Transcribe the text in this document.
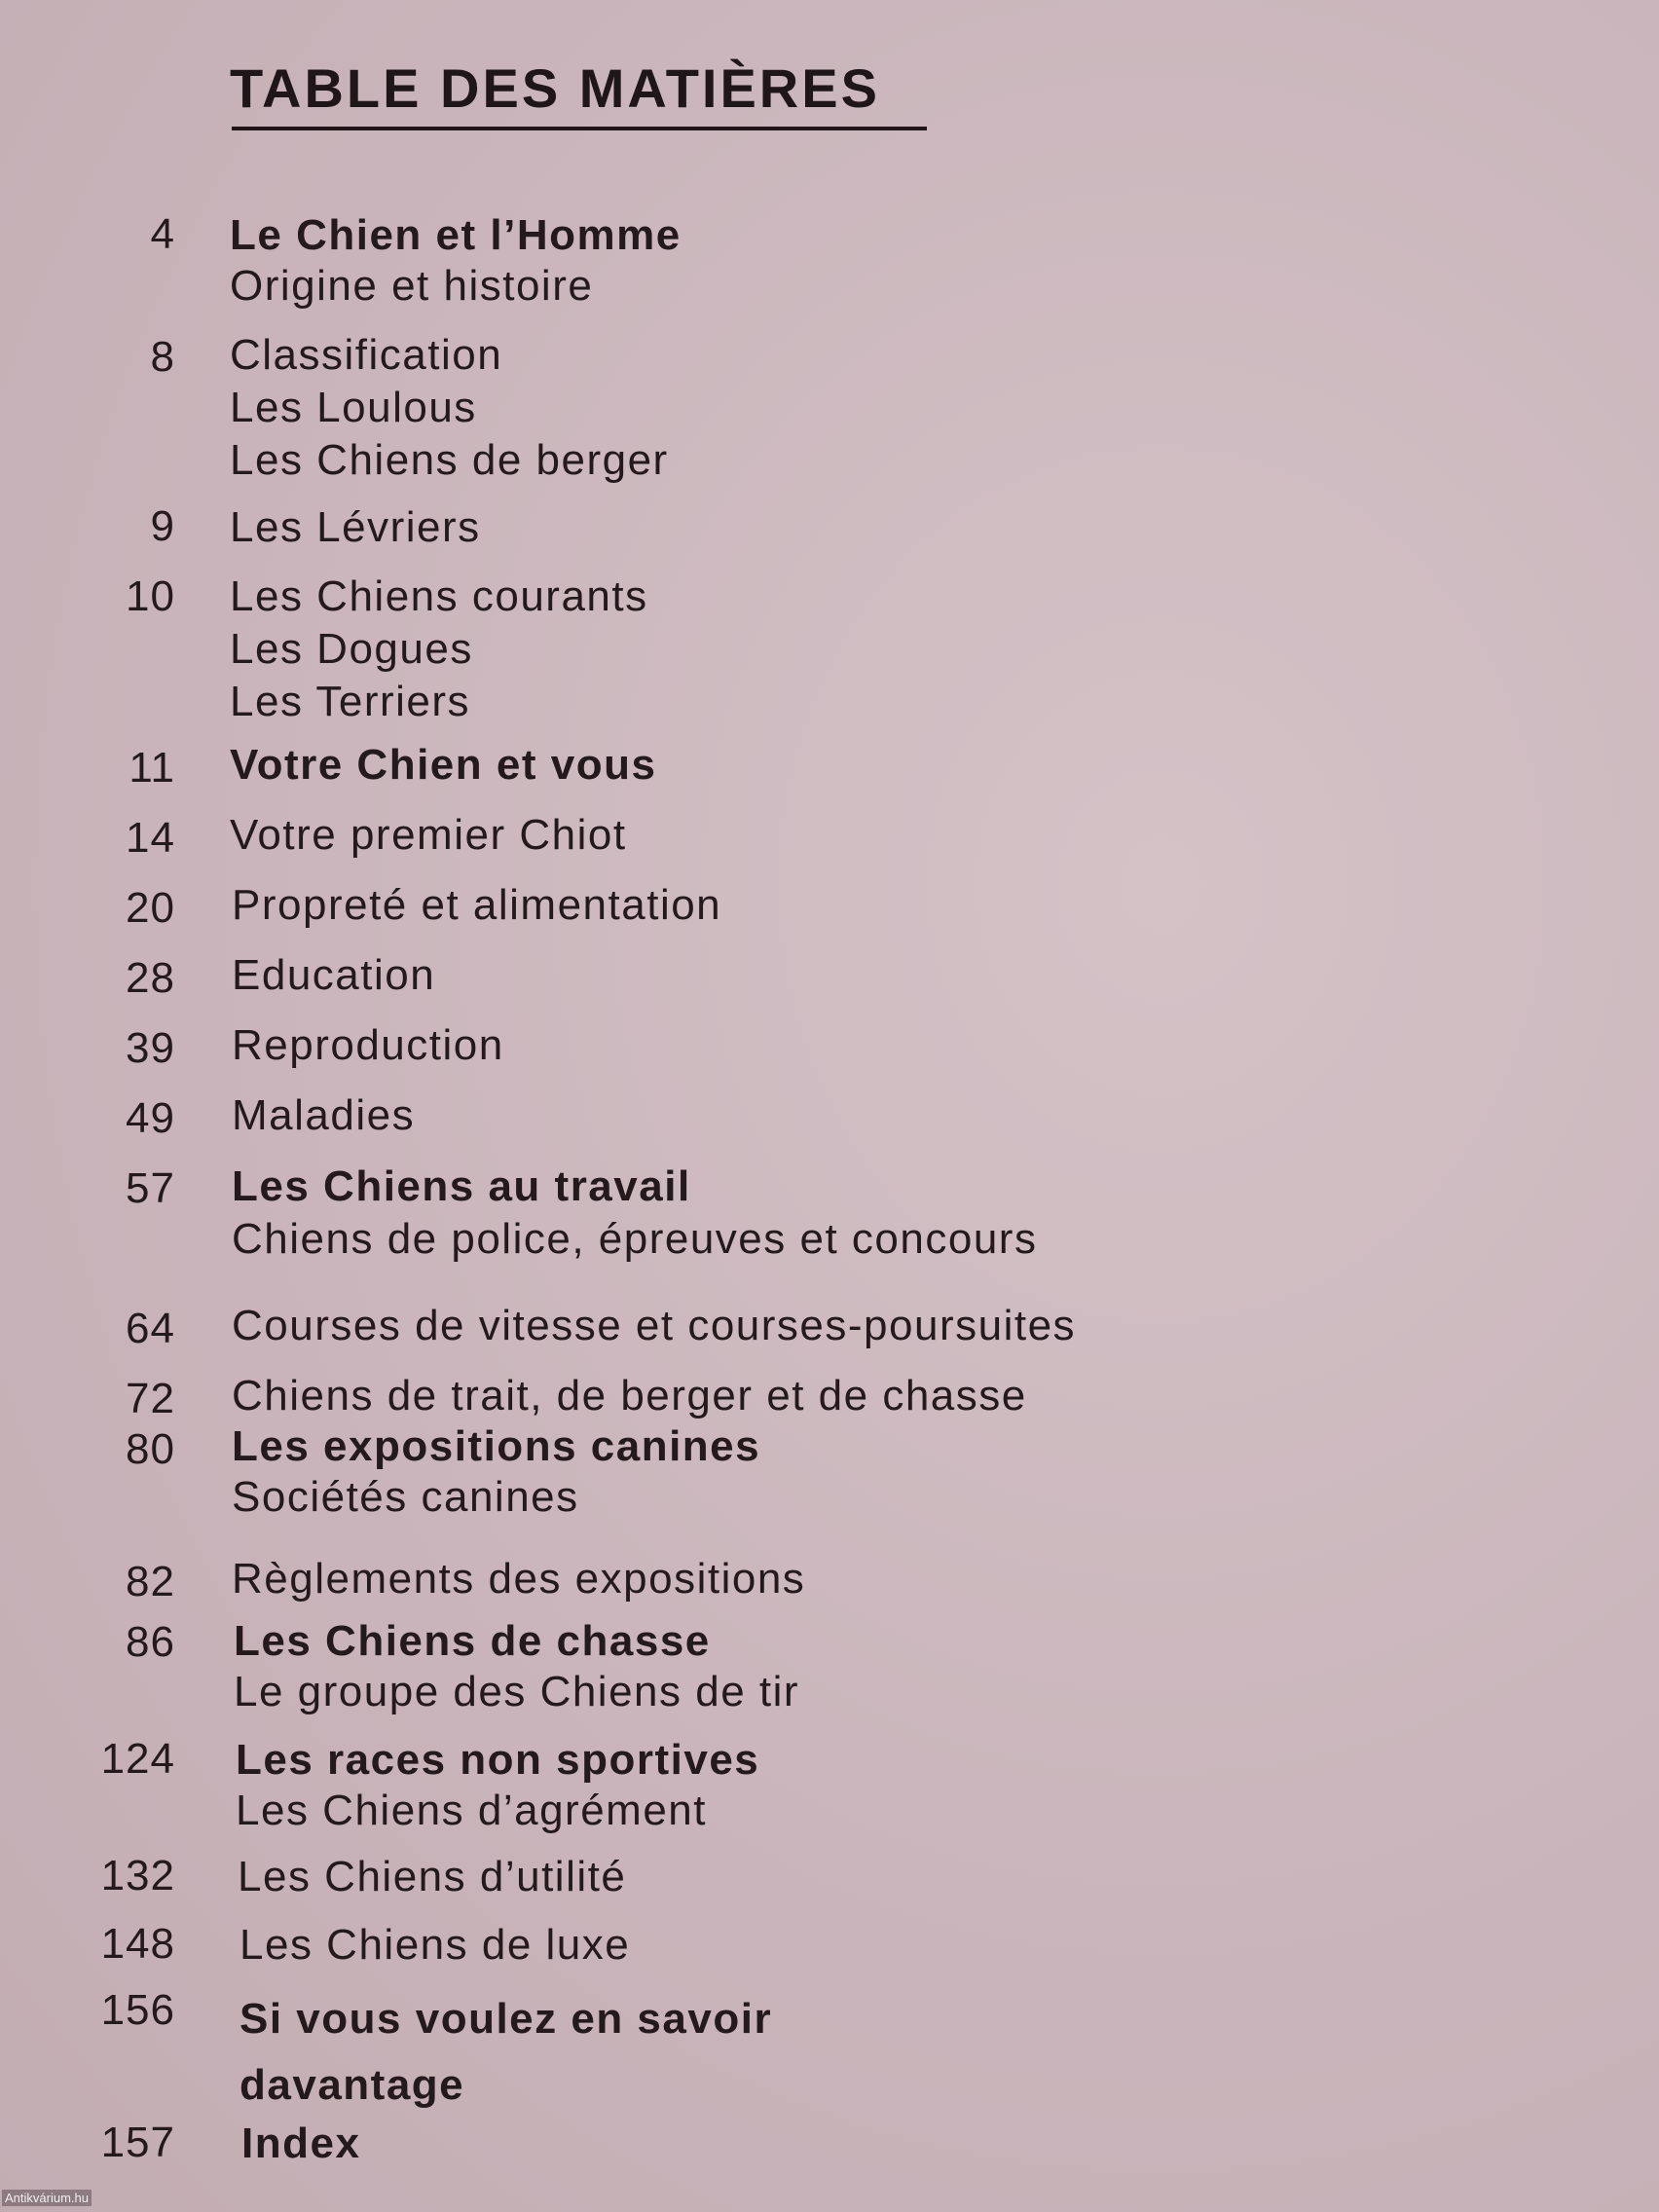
TABLE DES MATIÈRES
4 Le Chien et l’Homme
Origine et histoire
8 Classification
Les Loulous
Les Chiens de berger
9 Les Lévriers
10 Les Chiens courants
Les Dogues
Les Terriers
11 Votre Chien et vous
14 Votre premier Chiot
20 Propreté et alimentation
28 Education
39 Reproduction
49 Maladies
57 Les Chiens au travail
Chiens de police, épreuves et concours
64 Courses de vitesse et courses-poursuites
72 Chiens de trait, de berger et de chasse
80 Les expositions canines
Sociétés canines
82 Règlements des expositions
86 Les Chiens de chasse
Le groupe des Chiens de tir
124 Les races non sportives
Les Chiens d’agrément
132 Les Chiens d’utilité
148 Les Chiens de luxe
156 Si vous voulez en savoir
davantage
157 Index
Antikvárium.hu
